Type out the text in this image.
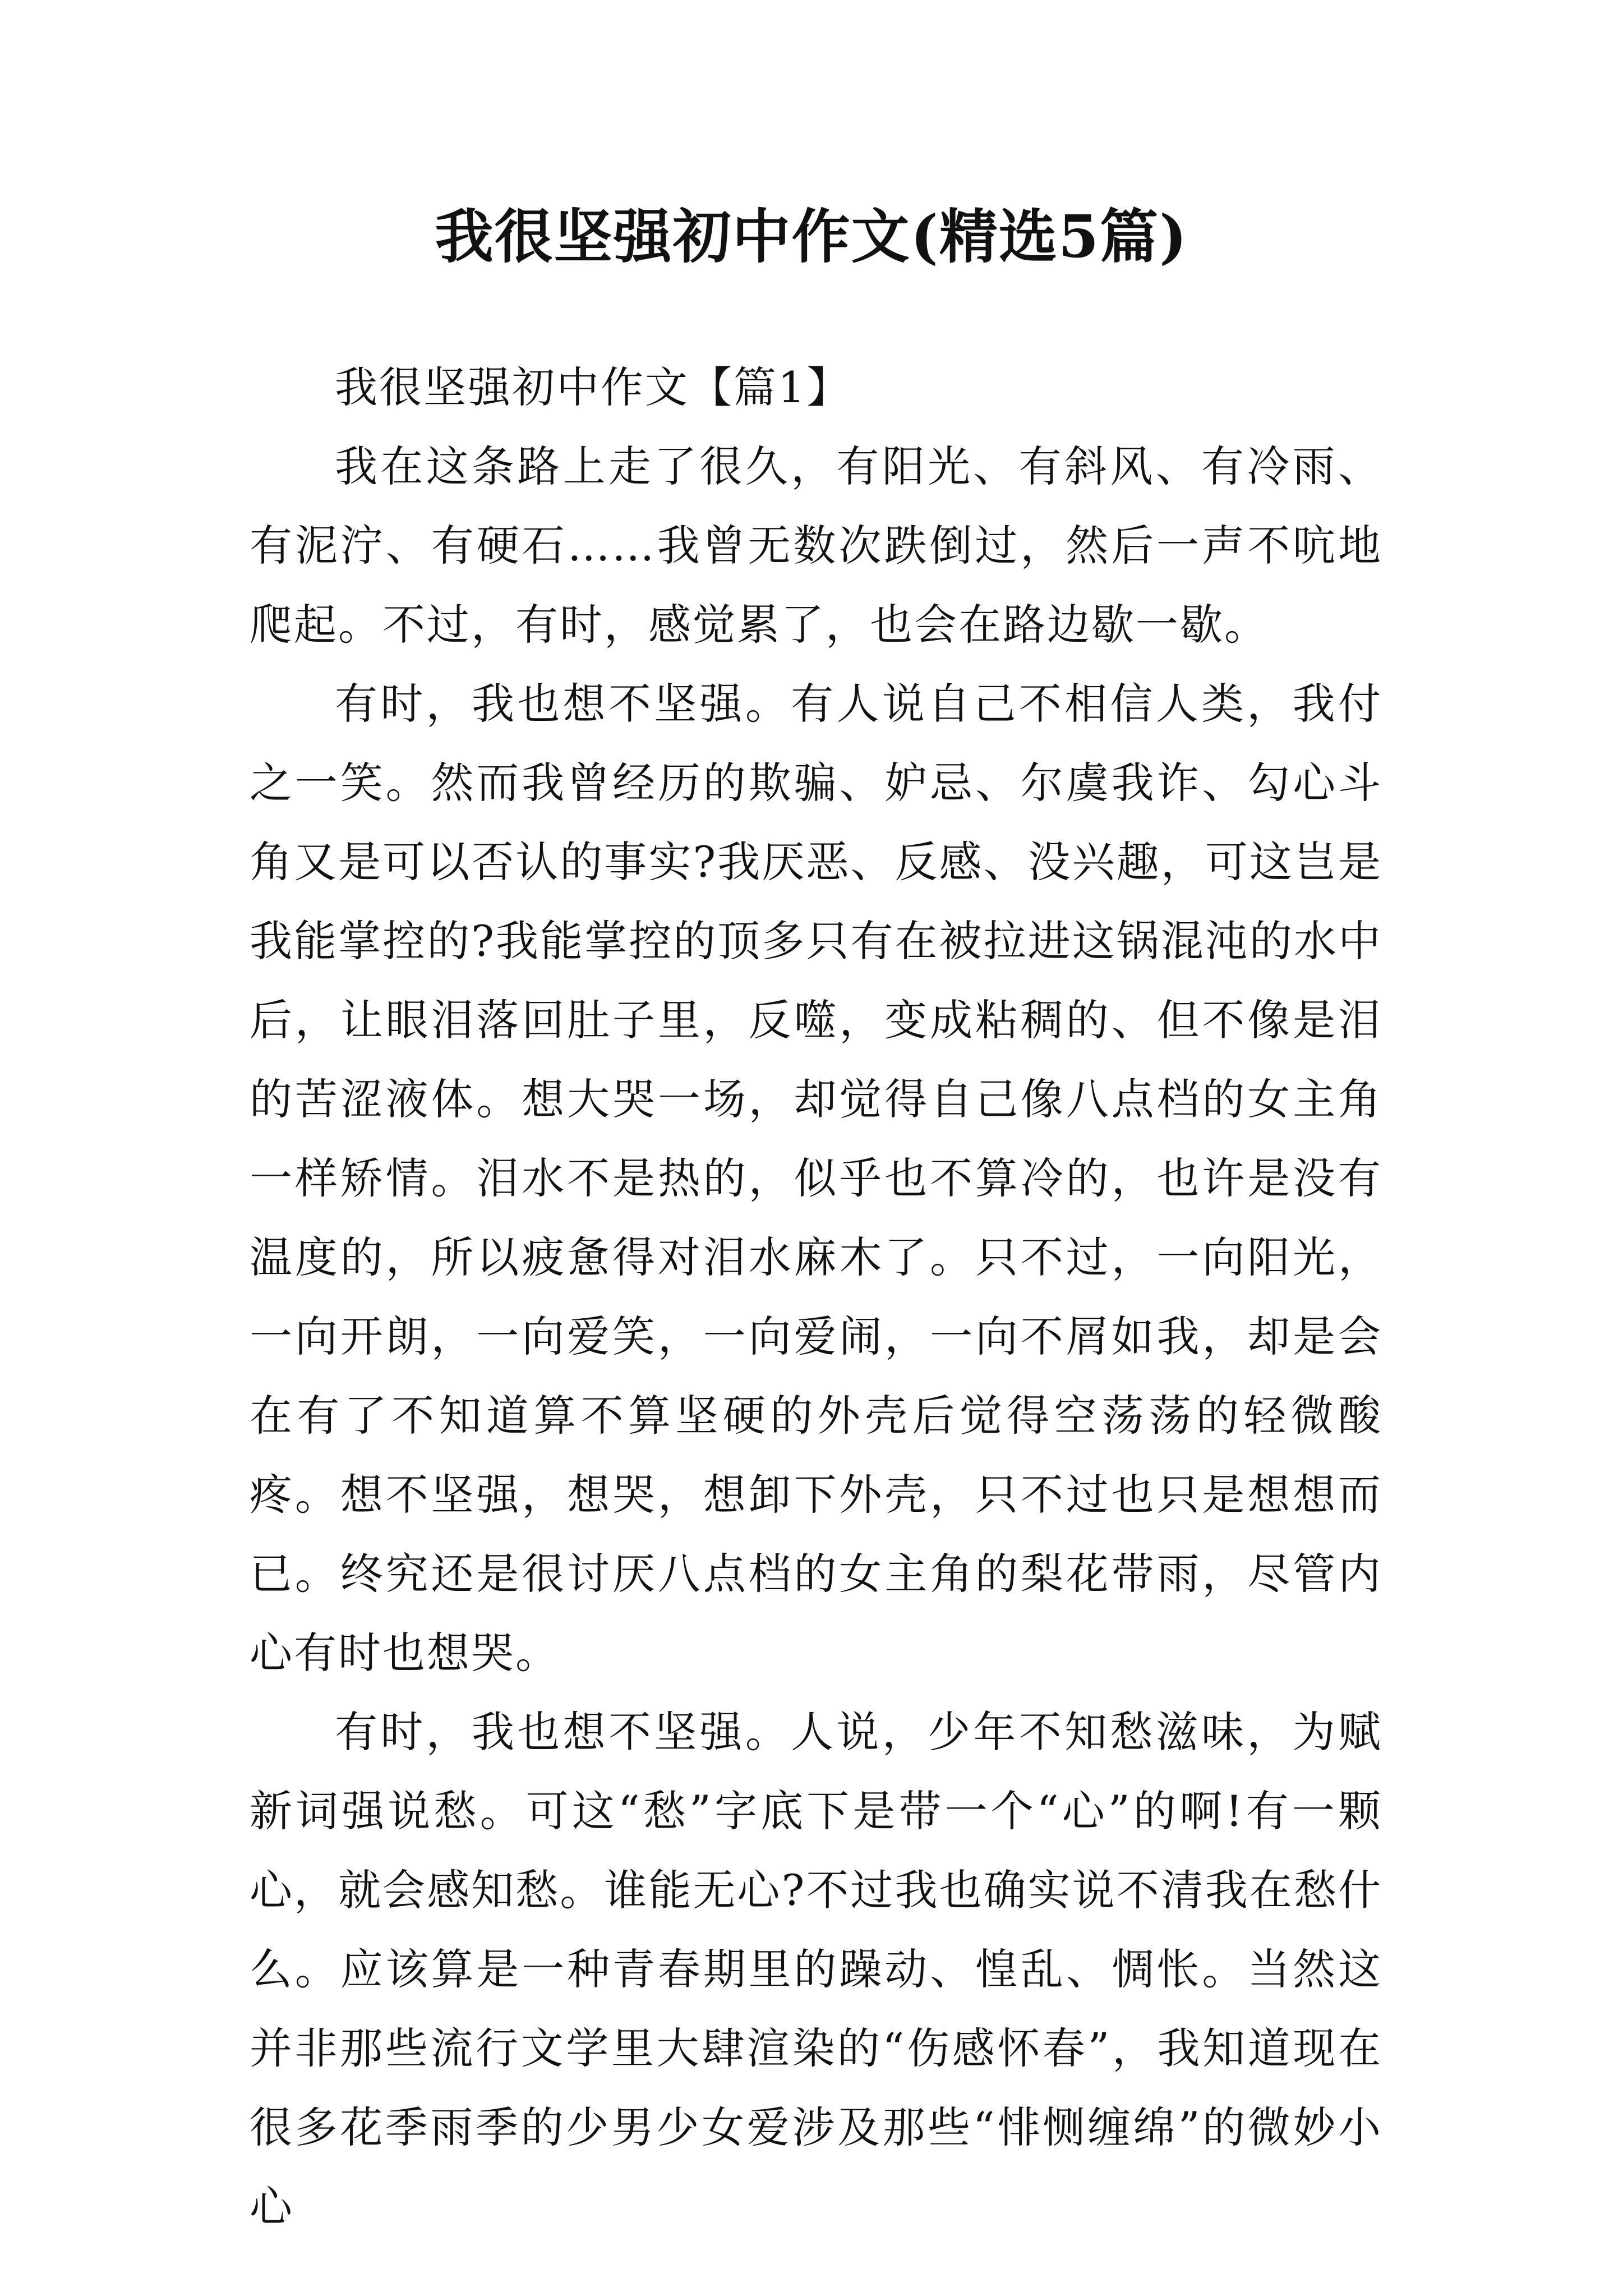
我很坚强初中作文(精选5篇)
我很坚强初中作文【篇1】

我在这条路上走了很久，有阳光、有斜风、有冷雨、有泥泞、有硬石……我曾无数次跌倒过，然后一声不吭地爬起。不过，有时，感觉累了，也会在路边歇一歇。

有时，我也想不坚强。有人说自己不相信人类，我付之一笑。然而我曾经历的欺骗、妒忌、尔虞我诈、勾心斗角又是可以否认的事实?我厌恶、反感、没兴趣，可这岂是我能掌控的?我能掌控的顶多只有在被拉进这锅混沌的水中后，让眼泪落回肚子里，反噬，变成粘稠的、但不像是泪的苦涩液体。想大哭一场，却觉得自己像八点档的女主角一样矫情。泪水不是热的，似乎也不算冷的，也许是没有温度的，所以疲惫得对泪水麻木了。只不过，一向阳光，一向开朗，一向爱笑，一向爱闹，一向不屑如我，却是会在有了不知道算不算坚硬的外壳后觉得空荡荡的轻微酸疼。想不坚强，想哭，想卸下外壳，只不过也只是想想而已。终究还是很讨厌八点档的女主角的梨花带雨，尽管内心有时也想哭。

有时，我也想不坚强。人说，少年不知愁滋味，为赋新词强说愁。可这“愁”字底下是带一个“心”的啊!有一颗心，就会感知愁。谁能无心?不过我也确实说不清我在愁什么。应该算是一种青春期里的躁动、惶乱、惆怅。当然这并非那些流行文学里大肆渲染的“伤感怀春”，我知道现在很多花季雨季的少男少女爱涉及那些“悱恻缠绵”的微妙小心
